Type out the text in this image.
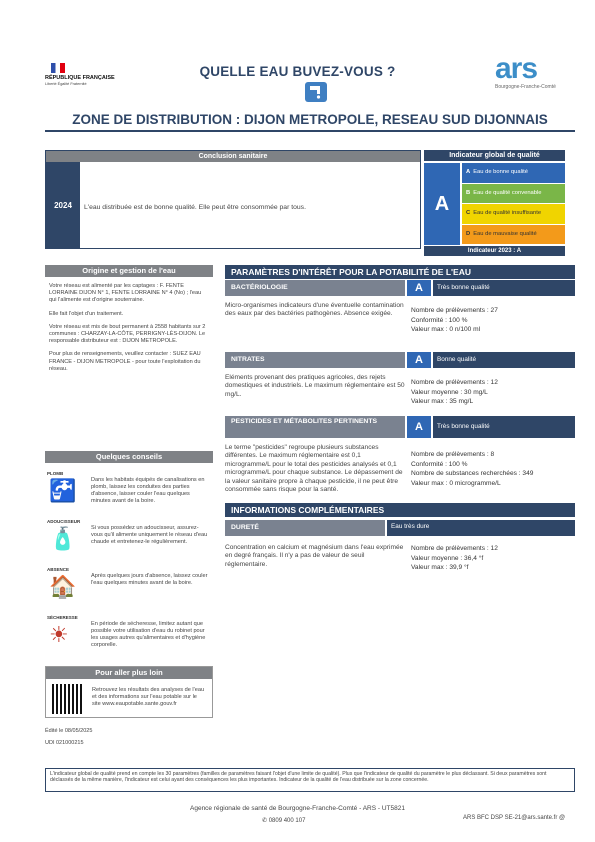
RÉPUBLIQUE FRANÇAISE
Liberté Égalité Fraternité
QUELLE EAU BUVEZ-VOUS ?	ars
Bourgogne-Franche-Comté
ZONE DE DISTRIBUTION : DIJON METROPOLE, RESEAU SUD DIJONNAIS
Conclusion sanitaire
2024	L'eau distribuée est de bonne qualité. Elle peut être consommée par tous.
Indicateur global de qualité
A
A Eau de bonne qualité
B Eau de qualité convenable
C Eau de qualité insuffisante
D Eau de mauvaise qualité
Indicateur 2023 : A
Origine et gestion de l'eau
Votre réseau est alimenté par les captages : F. FENTE LORRAINE DIJON N° 1, FENTE LORRAINE N° 4 (No) ; l'eau qui l'alimente est d'origine souterraine.
Elle fait l'objet d'un traitement.
Votre réseau est mis de bout permanent à 2558 habitants sur 2 communes : CHARZAY-LA-CÔTE, PERRIGNY-LÈS-DIJON. Le responsable distributeur est : DIJON METROPOLE.
Pour plus de renseignements, veuillez contacter : SUEZ EAU FRANCE - DIJON METROPOLE - pour toute l'exploitation du réseau.
Quelques conseils
PLOMB
🚰	Dans les habitats équipés de canalisations en plomb, laissez les conduites des parties d'absence, laisser couler l'eau quelques minutes avant de la boire.
ADOUCISSEUR
🧴	Si vous possédez un adoucisseur, assurez-vous qu'il alimente uniquement le réseau d'eau chaude et entretenez-le régulièrement.
ABSENCE
🏠	Après quelques jours d'absence, laissez couler l'eau quelques minutes avant de la boire.
SÉCHERESSE
☀	En période de sécheresse, limitez autant que possible votre utilisation d'eau du robinet pour les usages autres qu'alimentaires et d'hygiène corporelle.
Pour aller plus loin
Retrouvez les résultats des analyses de l'eau et des informations sur l'eau potable sur le site www.eaupotable.sante.gouv.fr
Édité le 08/05/2025
UDI 021000215
PARAMÈTRES D'INTÉRÊT POUR LA POTABILITÉ DE L'EAU
BACTÉRIOLOGIE	A	Très bonne qualité
Micro-organismes indicateurs d'une éventuelle contamination des eaux par des bactéries pathogènes. Absence exigée.	Nombre de prélèvements : 27
Conformité : 100 %
Valeur max : 0 n/100 ml
NITRATES	A	Bonne qualité
Eléments provenant des pratiques agricoles, des rejets domestiques et industriels. Le maximum réglementaire est 50 mg/L.
Nombre de prélèvements : 12
Valeur moyenne : 30 mg/L
Valeur max : 35 mg/L
PESTICIDES ET MÉTABOLITES PERTINENTS	A	Très bonne qualité
Le terme "pesticides" regroupe plusieurs substances différentes. Le maximum réglementaire est 0,1 microgramme/L pour le total des pesticides analysés et 0,1 microgramme/L pour chaque substance. Le dépassement de la valeur sanitaire propre à chaque pesticide, il ne peut être consommée sans risque pour la santé.
Nombre de prélèvements : 8
Conformité : 100 %
Nombre de substances recherchées : 349
Valeur max : 0 microgramme/L
INFORMATIONS COMPLÉMENTAIRES
DURETÉ	Eau très dure
Concentration en calcium et magnésium dans l'eau exprimée en degré français. Il n'y a pas de valeur de seuil réglementaire.
Nombre de prélèvements : 12
Valeur moyenne : 36,4 °f
Valeur max : 39,9 °f
L'indicateur global de qualité prend en compte les 30 paramètres (familles de paramètres faisant l'objet d'une limite de qualité). Plus que l'indicateur de qualité du paramètre le plus déclassant. Si deux paramètres sont déclassés de la même manière, l'indicateur est celui ayant des conséquences les plus importantes. Indicateur de la qualité de l'eau distribuée sur la zone concernée.
Agence régionale de santé de Bourgogne-Franche-Comté - ARS - UT5821
✆ 0809 400 107	ARS BFC DSP SE-21@ars.sante.fr @
